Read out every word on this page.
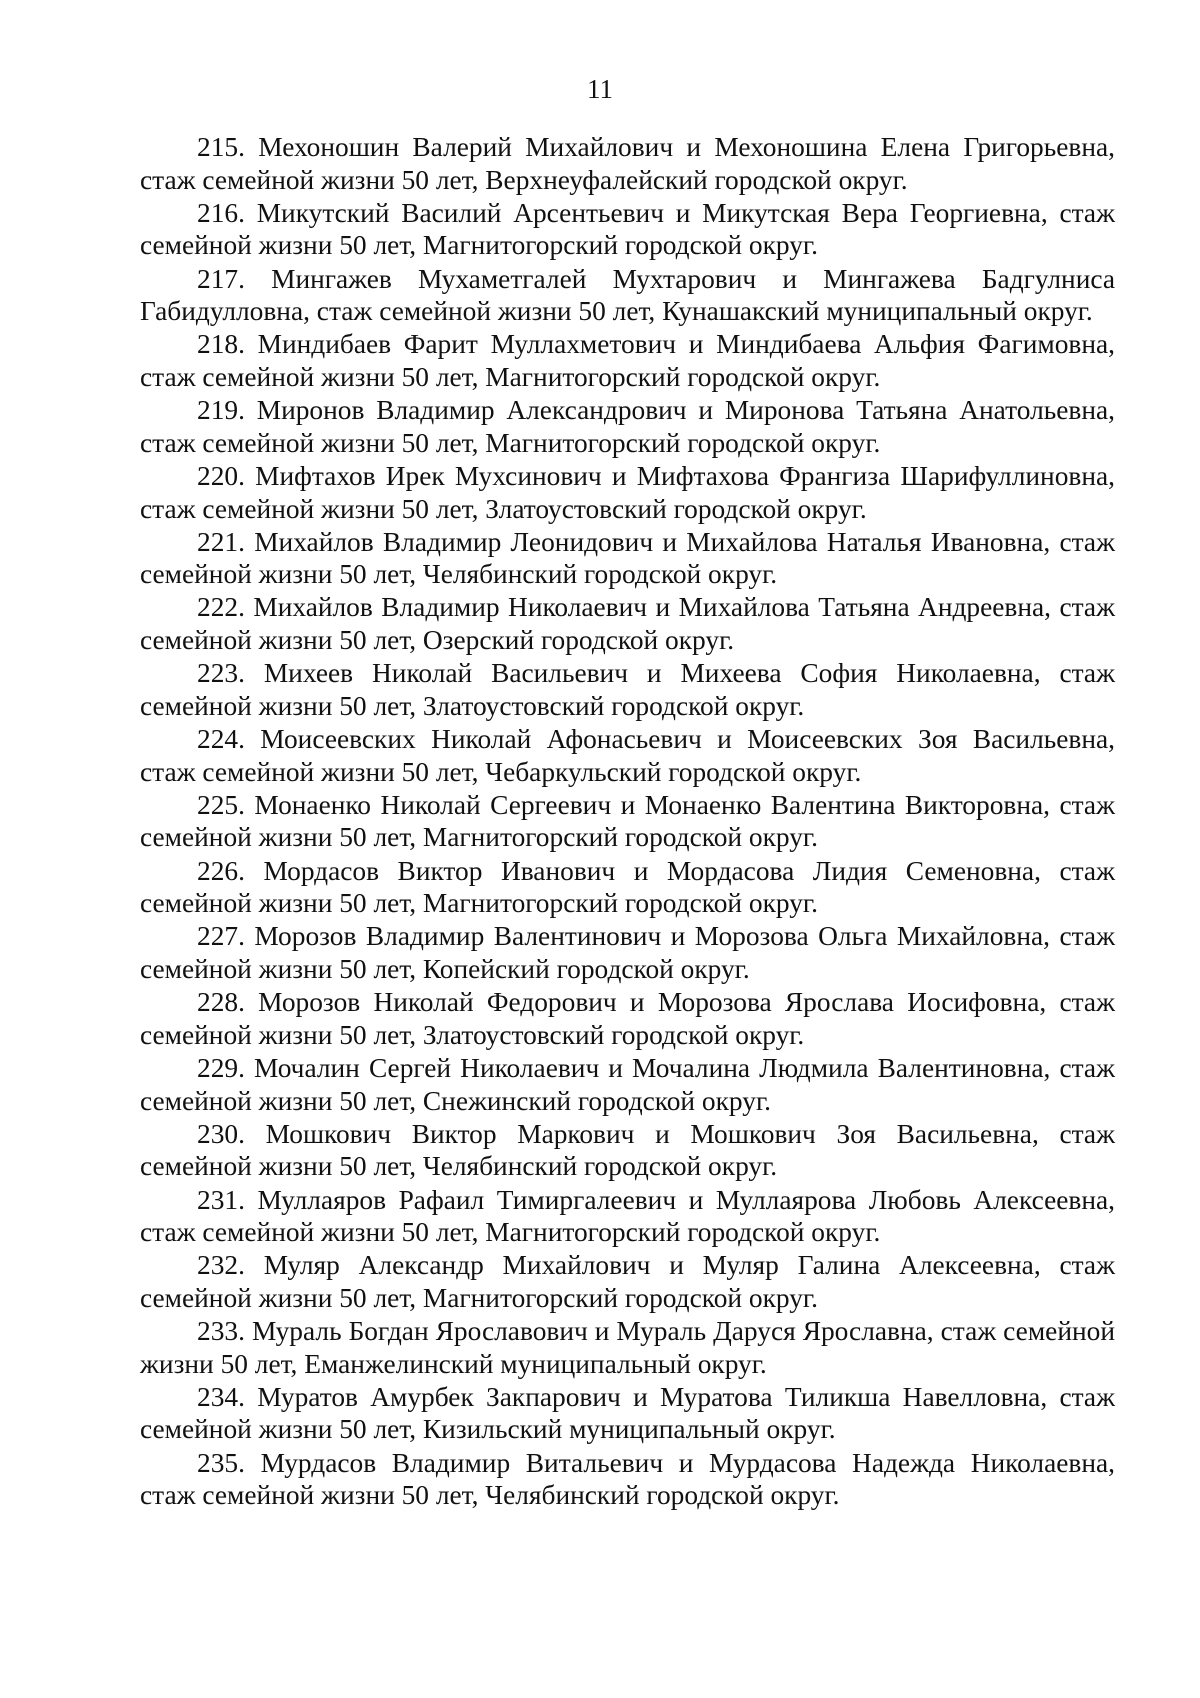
11
215. Мехоношин Валерий Михайлович и Мехоношина Елена Григорьевна, стаж семейной жизни 50 лет, Верхнеуфалейский городской округ.
216. Микутский Василий Арсентьевич и Микутская Вера Георгиевна, стаж семейной жизни 50 лет, Магнитогорский городской округ.
217. Мингажев Мухаметгалей Мухтарович и Мингажева Бадгулниса Габидулловна, стаж семейной жизни 50 лет, Кунашакский муниципальный округ.
218. Миндибаев Фарит Муллахметович и Миндибаева Альфия Фагимовна, стаж семейной жизни 50 лет, Магнитогорский городской округ.
219. Миронов Владимир Александрович и Миронова Татьяна Анатольевна, стаж семейной жизни 50 лет, Магнитогорский городской округ.
220. Мифтахов Ирек Мухсинович и Мифтахова Франгиза Шарифуллиновна, стаж семейной жизни 50 лет, Златоустовский городской округ.
221. Михайлов Владимир Леонидович и Михайлова Наталья Ивановна, стаж семейной жизни 50 лет, Челябинский городской округ.
222. Михайлов Владимир Николаевич и Михайлова Татьяна Андреевна, стаж семейной жизни 50 лет, Озерский городской округ.
223. Михеев Николай Васильевич и Михеева София Николаевна, стаж семейной жизни 50 лет, Златоустовский городской округ.
224. Моисеевских Николай Афонасьевич и Моисеевских Зоя Васильевна, стаж семейной жизни 50 лет, Чебаркульский городской округ.
225. Монаенко Николай Сергеевич и Монаенко Валентина Викторовна, стаж семейной жизни 50 лет, Магнитогорский городской округ.
226. Мордасов Виктор Иванович и Мордасова Лидия Семеновна, стаж семейной жизни 50 лет, Магнитогорский городской округ.
227. Морозов Владимир Валентинович и Морозова Ольга Михайловна, стаж семейной жизни 50 лет, Копейский городской округ.
228. Морозов Николай Федорович и Морозова Ярослава Иосифовна, стаж семейной жизни 50 лет, Златоустовский городской округ.
229. Мочалин Сергей Николаевич и Мочалина Людмила Валентиновна, стаж семейной жизни 50 лет, Снежинский городской округ.
230. Мошкович Виктор Маркович и Мошкович Зоя Васильевна, стаж семейной жизни 50 лет, Челябинский городской округ.
231. Муллаяров Рафаил Тимиргалеевич и Муллаярова Любовь Алексеевна, стаж семейной жизни 50 лет, Магнитогорский городской округ.
232. Муляр Александр Михайлович и Муляр Галина Алексеевна, стаж семейной жизни 50 лет, Магнитогорский городской округ.
233. Мураль Богдан Ярославович и Мураль Даруся Ярославна, стаж семейной жизни 50 лет, Еманжелинский муниципальный округ.
234. Муратов Амурбек Закпарович и Муратова Тиликша Навелловна, стаж семейной жизни 50 лет, Кизильский муниципальный округ.
235. Мурдасов Владимир Витальевич и Мурдасова Надежда Николаевна, стаж семейной жизни 50 лет, Челябинский городской округ.
